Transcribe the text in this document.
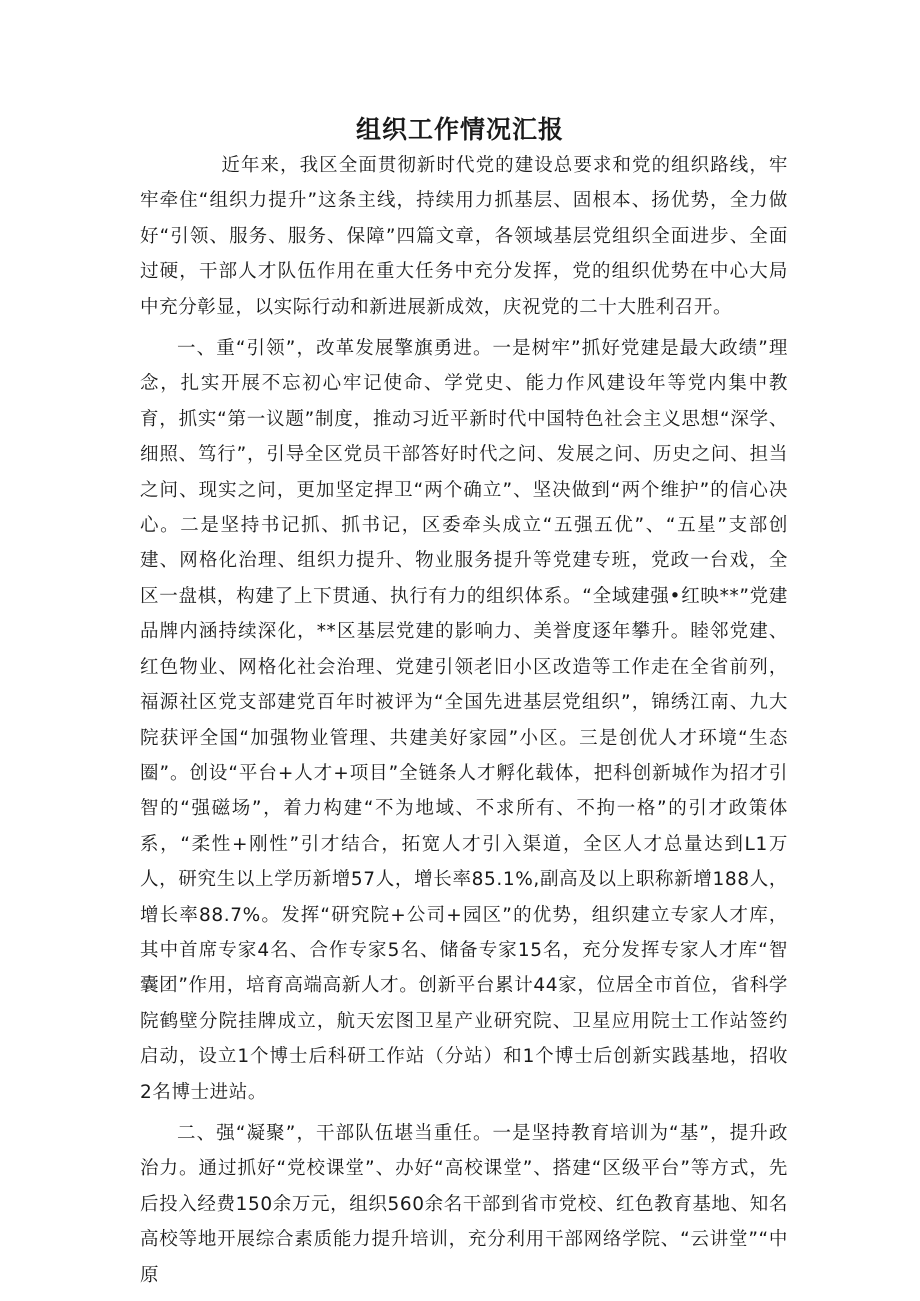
组织工作情况汇报

近年来，我区全面贯彻新时代党的建设总要求和党的组织路线，牢牢牵住“组织力提升”这条主线，持续用力抓基层、固根本、扬优势，全力做好“引领、服务、服务、保障”四篇文章，各领域基层党组织全面进步、全面过硬，干部人才队伍作用在重大任务中充分发挥，党的组织优势在中心大局中充分彰显，以实际行动和新进展新成效，庆祝党的二十大胜利召开。

一、重“引领”，改革发展擎旗勇进。一是树牢”抓好党建是最大政绩”理念，扎实开展不忘初心牢记使命、学党史、能力作风建设年等党内集中教育，抓实“第一议题”制度，推动习近平新时代中国特色社会主义思想“深学、细照、笃行”，引导全区党员干部答好时代之问、发展之问、历史之问、担当之问、现实之问，更加坚定捍卫“两个确立”、坚决做到“两个维护”的信心决心。二是坚持书记抓、抓书记，区委牵头成立“五强五优”、“五星”支部创建、网格化治理、组织力提升、物业服务提升等党建专班，党政一台戏，全区一盘棋，构建了上下贯通、执行有力的组织体系。“全域建强•红映**”党建品牌内涵持续深化，**区基层党建的影响力、美誉度逐年攀升。睦邻党建、红色物业、网格化社会治理、党建引领老旧小区改造等工作走在全省前列，福源社区党支部建党百年时被评为“全国先进基层党组织”，锦绣江南、九大院获评全国“加强物业管理、共建美好家园”小区。三是创优人才环境“生态圈”。创设“平台+人才+项目”全链条人才孵化载体，把科创新城作为招才引智的“强磁场”，着力构建“不为地域、不求所有、不拘一格”的引才政策体系，“柔性+刚性”引才结合，拓宽人才引入渠道，全区人才总量达到L1万人，研究生以上学历新增57人，增长率85.1%,副高及以上职称新增188人，增长率88.7%。发挥“研究院+公司+园区”的优势，组织建立专家人才库，其中首席专家4名、合作专家5名、储备专家15名，充分发挥专家人才库“智囊团”作用，培育高端高新人才。创新平台累计44家，位居全市首位，省科学院鹤壁分院挂牌成立，航天宏图卫星产业研究院、卫星应用院士工作站签约启动，设立1个博士后科研工作站（分站）和1个博士后创新实践基地，招收2名博士进站。

二、强“凝聚”，干部队伍堪当重任。一是坚持教育培训为“基”，提升政治力。通过抓好“党校课堂”、办好“高校课堂”、搭建“区级平台”等方式，先后投入经费150余万元，组织560余名干部到省市党校、红色教育基地、知名高校等地开展综合素质能力提升培训，充分利用干部网络学院、“云讲堂”“中原
